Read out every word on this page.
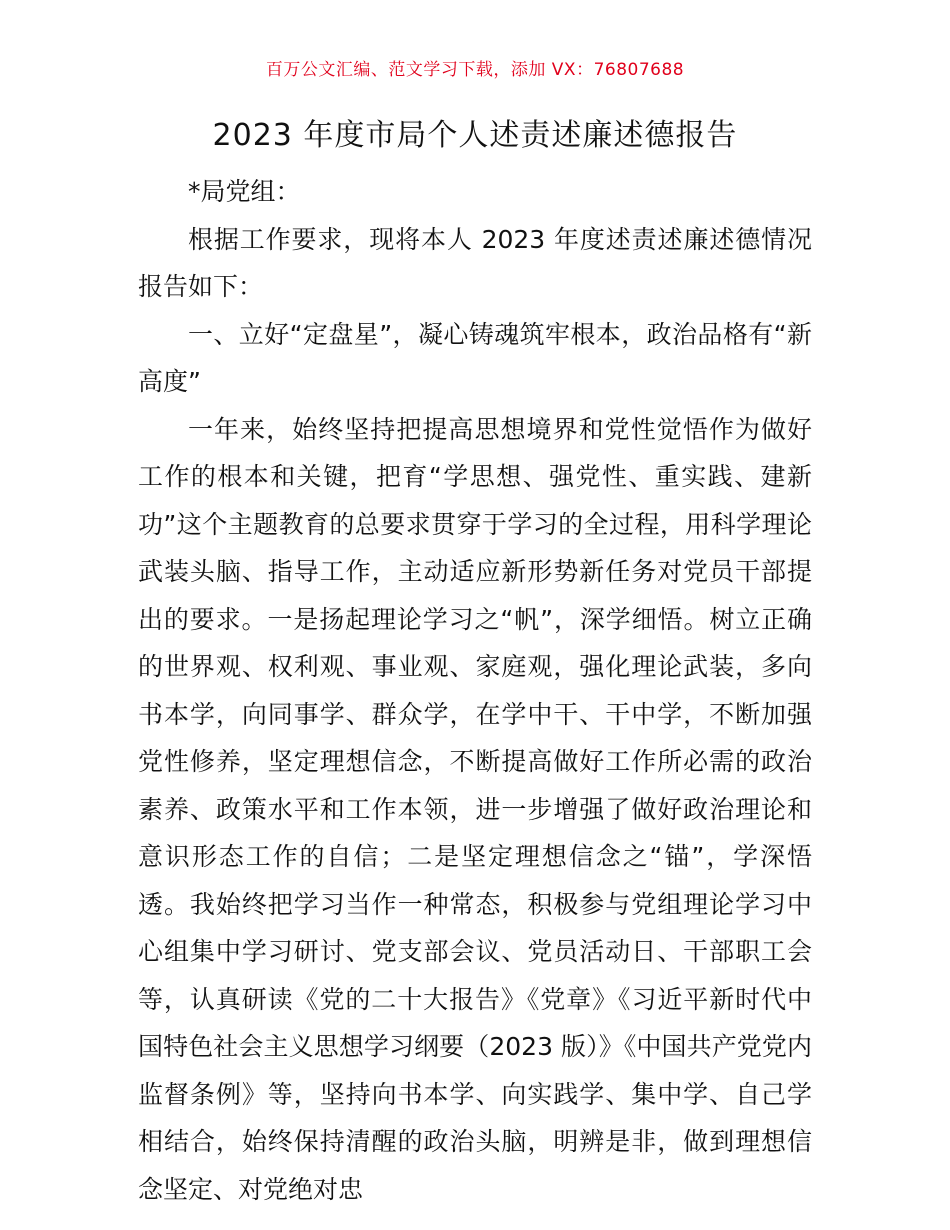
百万公文汇编、范文学习下载，添加 VX：76807688
2023 年度市局个人述责述廉述德报告

*局党组：

根据工作要求，现将本人 2023 年度述责述廉述德情况报告如下：

一、立好“定盘星”，凝心铸魂筑牢根本，政治品格有“新高度”

一年来，始终坚持把提高思想境界和党性觉悟作为做好工作的根本和关键，把育“学思想、强党性、重实践、建新功”这个主题教育的总要求贯穿于学习的全过程，用科学理论武装头脑、指导工作，主动适应新形势新任务对党员干部提出的要求。一是扬起理论学习之“帆”，深学细悟。树立正确的世界观、权利观、事业观、家庭观，强化理论武装，多向书本学，向同事学、群众学，在学中干、干中学，不断加强党性修养，坚定理想信念，不断提高做好工作所必需的政治素养、政策水平和工作本领，进一步增强了做好政治理论和意识形态工作的自信；二是坚定理想信念之“锚”，学深悟透。我始终把学习当作一种常态，积极参与党组理论学习中心组集中学习研讨、党支部会议、党员活动日、干部职工会等，认真研读《党的二十大报告》《党章》《习近平新时代中国特色社会主义思想学习纲要（2023 版）》《中国共产党党内监督条例》等，坚持向书本学、向实践学、集中学、自己学相结合，始终保持清醒的政治头脑，明辨是非，做到理想信念坚定、对党绝对忠
